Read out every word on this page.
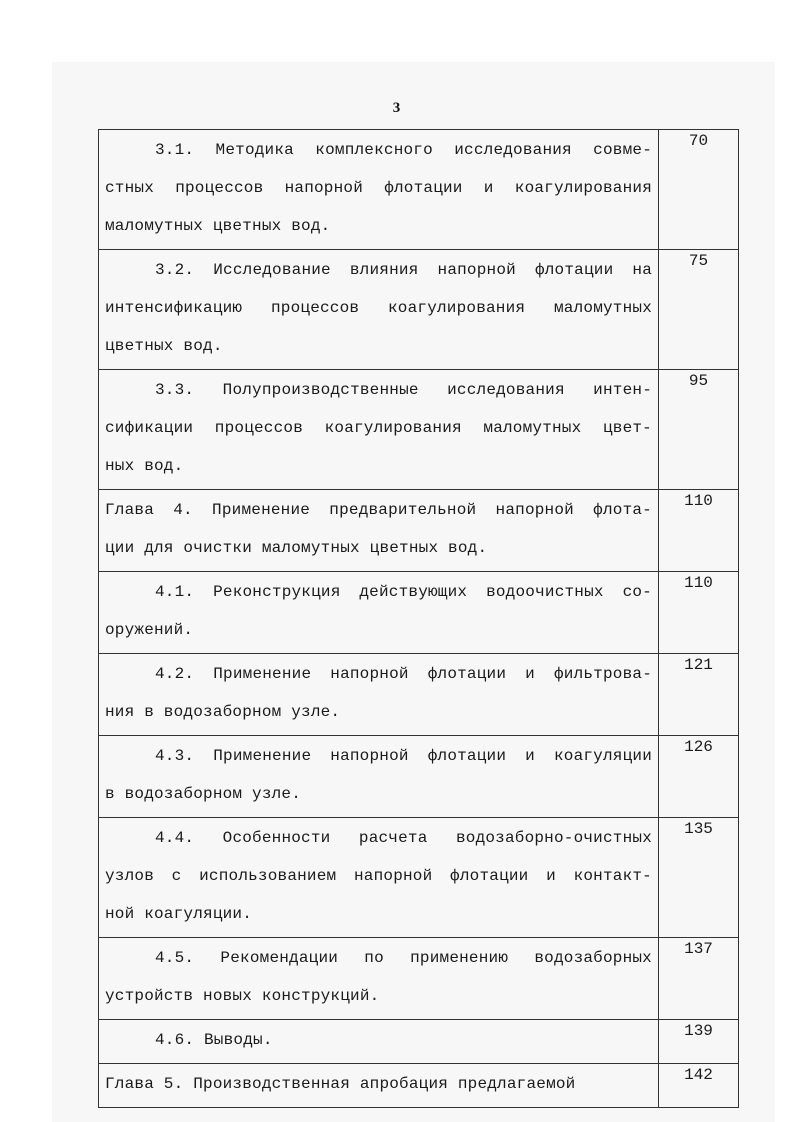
3
3.1. Методика комплексного исследования совме-
стных процессов напорной флотации и коагулирования
маломутных цветных вод.	70

3.2. Исследование влияния напорной флотации на
интенсификацию процессов коагулирования маломутных
цветных вод.	75

3.3. Полупроизводственные исследования интен-
сификации процессов коагулирования маломутных цвет-
ных вод.	95

Глава 4. Применение предварительной напорной флота-
ции для очистки маломутных цветных вод.	110

4.1. Реконструкция действующих водоочистных со-
оружений.	110

4.2. Применение напорной флотации и фильтрова-
ния в водозаборном узле.	121

4.3. Применение напорной флотации и коагуляции
в водозаборном узле.	126

4.4. Особенности расчета водозаборно-очистных
узлов с использованием напорной флотации и контакт-
ной коагуляции.	135

4.5. Рекомендации по применению водозаборных
устройств новых конструкций.	137

4.6. Выводы.	139

Глава 5. Производственная апробация предлагаемой	142
